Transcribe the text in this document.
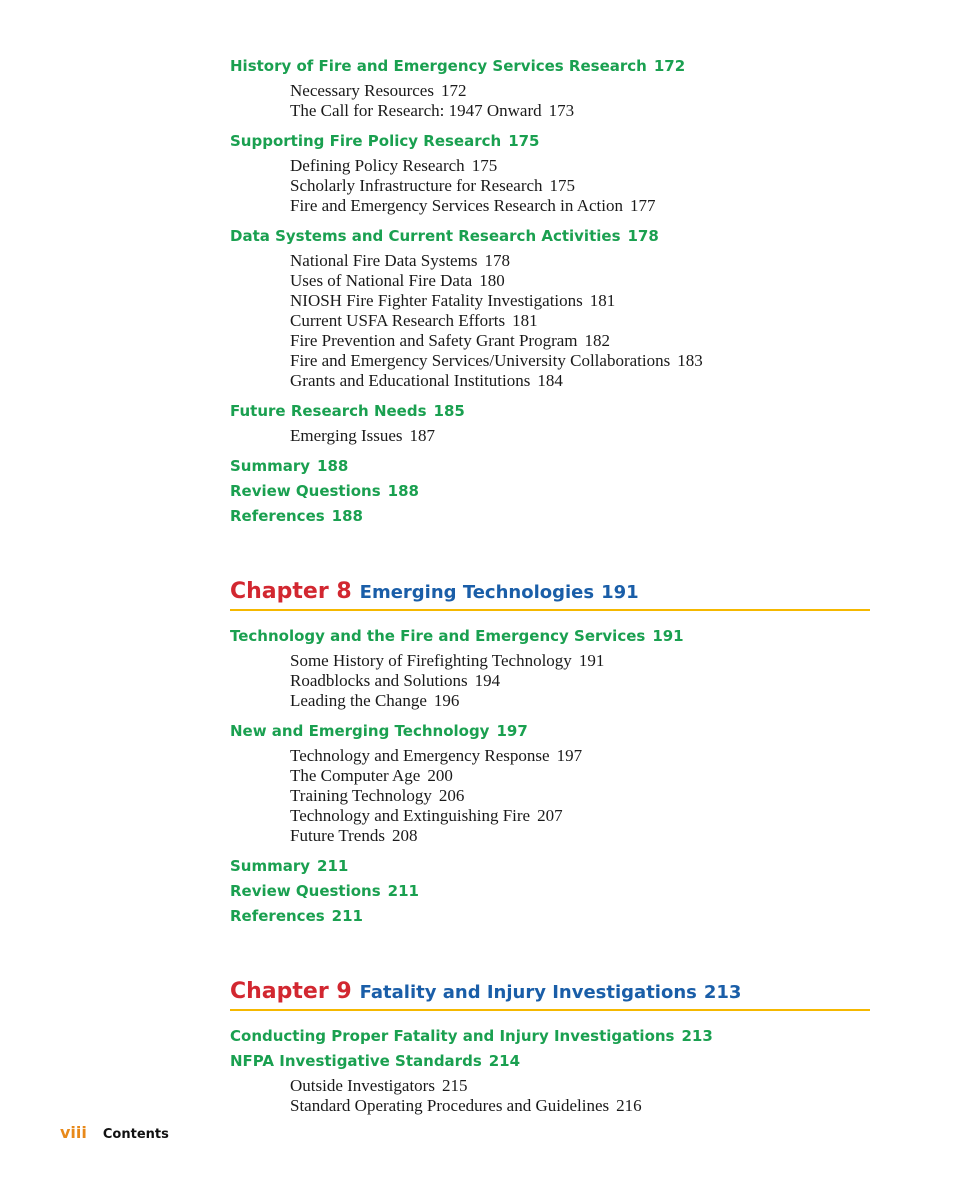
History of Fire and Emergency Services Research 172
Necessary Resources 172
The Call for Research: 1947 Onward 173
Supporting Fire Policy Research 175
Defining Policy Research 175
Scholarly Infrastructure for Research 175
Fire and Emergency Services Research in Action 177
Data Systems and Current Research Activities 178
National Fire Data Systems 178
Uses of National Fire Data 180
NIOSH Fire Fighter Fatality Investigations 181
Current USFA Research Efforts 181
Fire Prevention and Safety Grant Program 182
Fire and Emergency Services/University Collaborations 183
Grants and Educational Institutions 184
Future Research Needs 185
Emerging Issues 187
Summary 188
Review Questions 188
References 188
Chapter 8 Emerging Technologies 191
Technology and the Fire and Emergency Services 191
Some History of Firefighting Technology 191
Roadblocks and Solutions 194
Leading the Change 196
New and Emerging Technology 197
Technology and Emergency Response 197
The Computer Age 200
Training Technology 206
Technology and Extinguishing Fire 207
Future Trends 208
Summary 211
Review Questions 211
References 211
Chapter 9 Fatality and Injury Investigations 213
Conducting Proper Fatality and Injury Investigations 213
NFPA Investigative Standards 214
Outside Investigators 215
Standard Operating Procedures and Guidelines 216
viii Contents
